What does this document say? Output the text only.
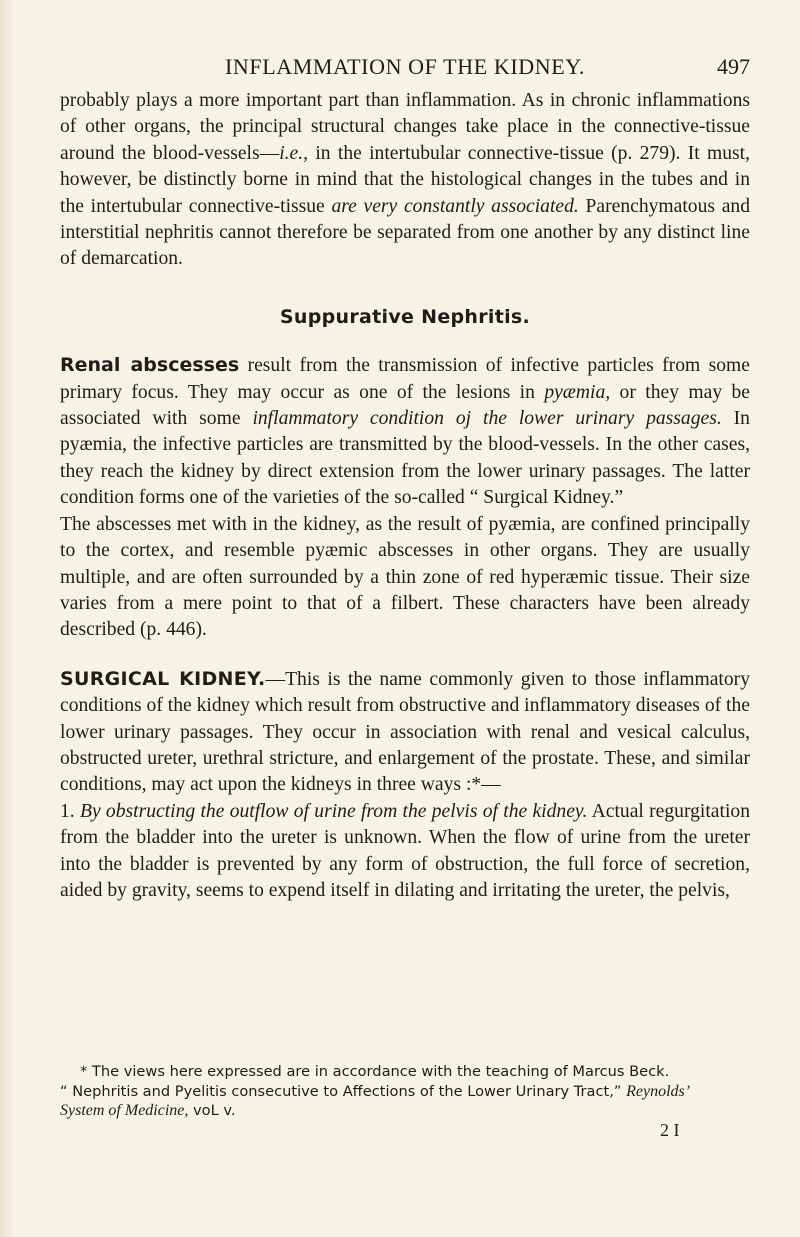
INFLAMMATION OF THE KIDNEY.	497

probably plays a more important part than inflammation. As in chronic inflammations of other organs, the principal structural changes take place in the connective-tissue around the blood-vessels—i.e., in the intertubular connective-tissue (p. 279). It must, however, be distinctly borne in mind that the histological changes in the tubes and in the intertubular connective-tissue are very constantly associated. Parenchymatous and interstitial nephritis cannot therefore be separated from one another by any distinct line of demarcation.

Suppurative Nephritis.

Renal abscesses result from the transmission of infective particles from some primary focus. They may occur as one of the lesions in pyæmia, or they may be associated with some inflammatory condition oj the lower urinary passages. In pyæmia, the infective particles are transmitted by the blood-vessels. In the other cases, they reach the kidney by direct extension from the lower urinary passages. The latter condition forms one of the varieties of the so-called “ Surgical Kidney.”

The abscesses met with in the kidney, as the result of pyæmia, are confined principally to the cortex, and resemble pyæmic abscesses in other organs. They are usually multiple, and are often surrounded by a thin zone of red hyperæmic tissue. Their size varies from a mere point to that of a filbert. These characters have been already described (p. 446).

SURGICAL KIDNEY.—This is the name commonly given to those inflammatory conditions of the kidney which result from obstructive and inflammatory diseases of the lower urinary passages. They occur in association with renal and vesical calculus, obstructed ureter, urethral stricture, and enlargement of the prostate. These, and similar conditions, may act upon the kidneys in three ways :*—

1. By obstructing the outflow of urine from the pelvis of the kidney. Actual regurgitation from the bladder into the ureter is unknown. When the flow of urine from the ureter into the bladder is prevented by any form of obstruction, the full force of secretion, aided by gravity, seems to expend itself in dilating and irritating the ureter, the pelvis,

* The views here expressed are in accordance with the teaching of Marcus Beck.

“ Nephritis and Pyelitis consecutive to Affections of the Lower Urinary Tract,” Reynolds’
System of Medicine, voL v.

2 I
